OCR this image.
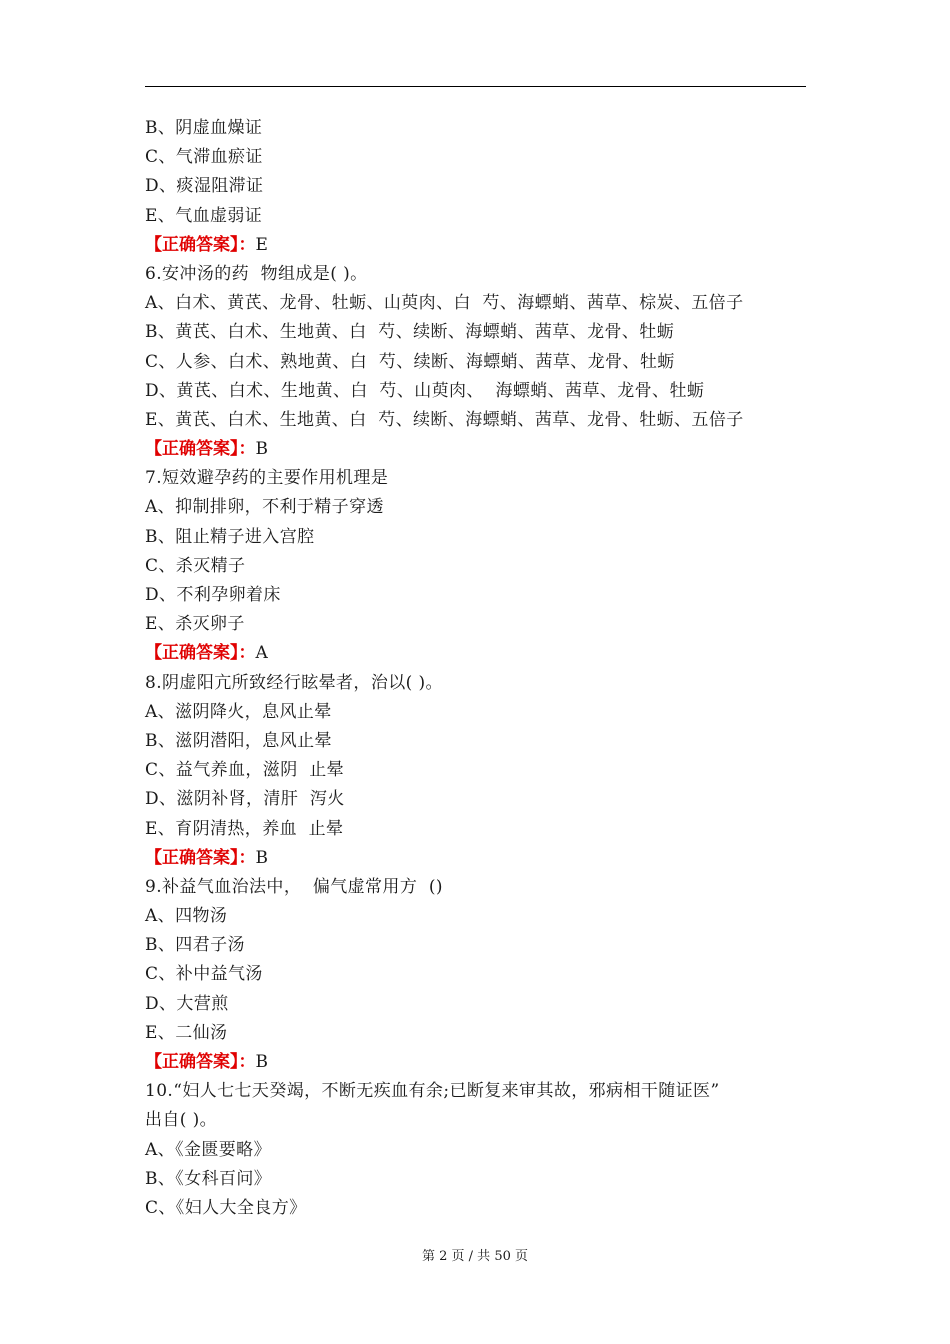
B、阴虚血燥证
C、气滞血瘀证
D、痰湿阻滞证
E、气血虚弱证
【正确答案】：E
6.安冲汤的药  物组成是( )。
A、白术、黄芪、龙骨、牡蛎、山萸肉、白  芍、海螵蛸、茜草、棕炭、五倍子
B、黄芪、白术、生地黄、白  芍、续断、海螵蛸、茜草、龙骨、牡蛎
C、人参、白术、熟地黄、白  芍、续断、海螵蛸、茜草、龙骨、牡蛎
D、黄芪、白术、生地黄、白  芍、山萸肉、  海螵蛸、茜草、龙骨、牡蛎
E、黄芪、白术、生地黄、白  芍、续断、海螵蛸、茜草、龙骨、牡蛎、五倍子
【正确答案】：B
7.短效避孕药的主要作用机理是
A、抑制排卵，不利于精子穿透
B、阻止精子进入宫腔
C、杀灭精子
D、不利孕卵着床
E、杀灭卵子
【正确答案】：A
8.阴虚阳亢所致经行眩晕者，治以( )。
A、滋阴降火，息风止晕
B、滋阴潜阳，息风止晕
C、益气养血，滋阴  止晕
D、滋阴补肾，清肝  泻火
E、育阴清热，养血  止晕
【正确答案】：B
9.补益气血治法中，  偏气虚常用方  ()
A、四物汤
B、四君子汤
C、补中益气汤
D、大营煎
E、二仙汤
【正确答案】：B
10.“妇人七七天癸竭，不断无疾血有余;已断复来审其故，邪病相干随证医”
出自( )。
A、《金匮要略》
B、《女科百问》
C、《妇人大全良方》
第 2 页 / 共 50 页
